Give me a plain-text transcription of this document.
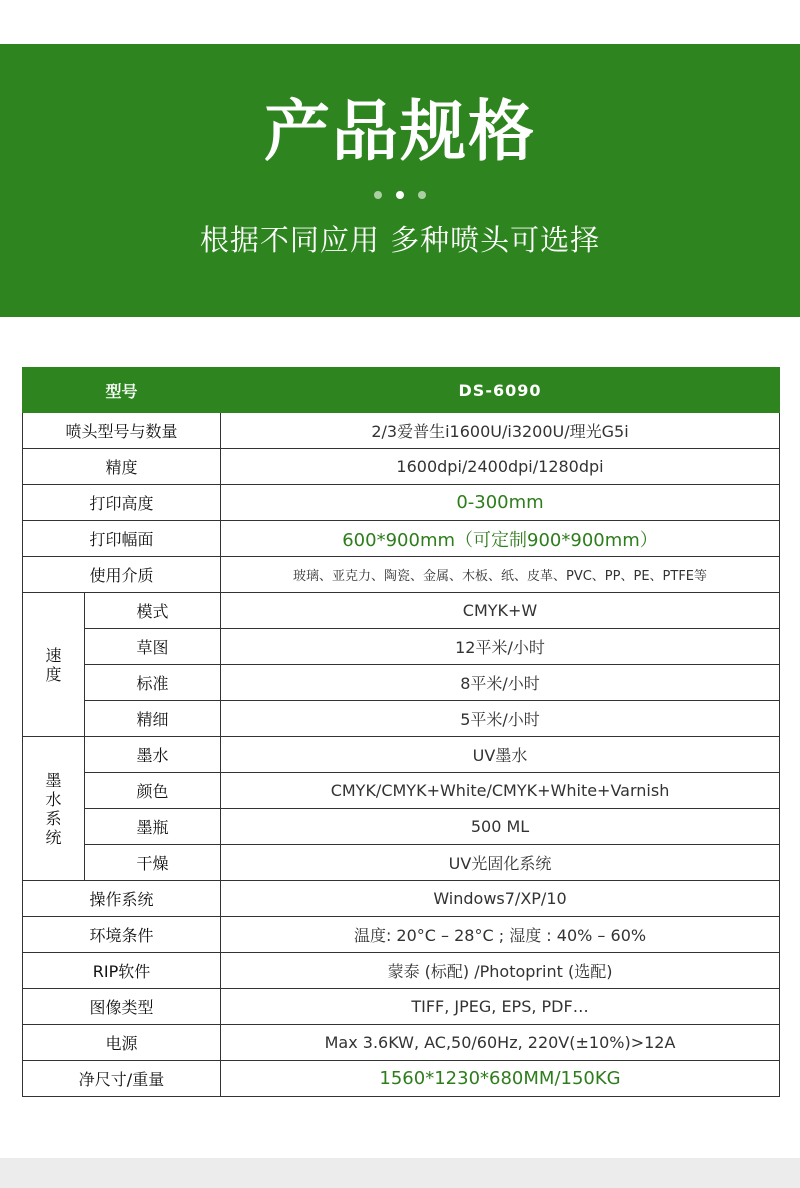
产品规格
根据不同应用 多种喷头可选择
型号		DS-6090
喷头型号与数量		2/3爱普生i1600U/i3200U/理光G5i
精度		1600dpi/2400dpi/1280dpi
打印高度		0-300mm
打印幅面		600*900mm（可定制900*900mm）
使用介质		玻璃、亚克力、陶瓷、金属、木板、纸、皮革、PVC、PP、PE、PTFE等
速度	模式	CMYK+W
	草图	12平米/小时
	标准	8平米/小时
	精细	5平米/小时
墨水系统	墨水	UV墨水
	颜色	CMYK/CMYK+White/CMYK+White+Varnish
	墨瓶	500 ML
	干燥	UV光固化系统
操作系统		Windows7/XP/10
环境条件		温度: 20°C – 28°C ; 湿度 : 40% – 60%
RIP软件		蒙泰 (标配) /Photoprint (选配)
图像类型		TIFF, JPEG, EPS, PDF…
电源		Max 3.6KW, AC,50/60Hz, 220V(±10%)>12A
净尺寸/重量		1560*1230*680MM/150KG
